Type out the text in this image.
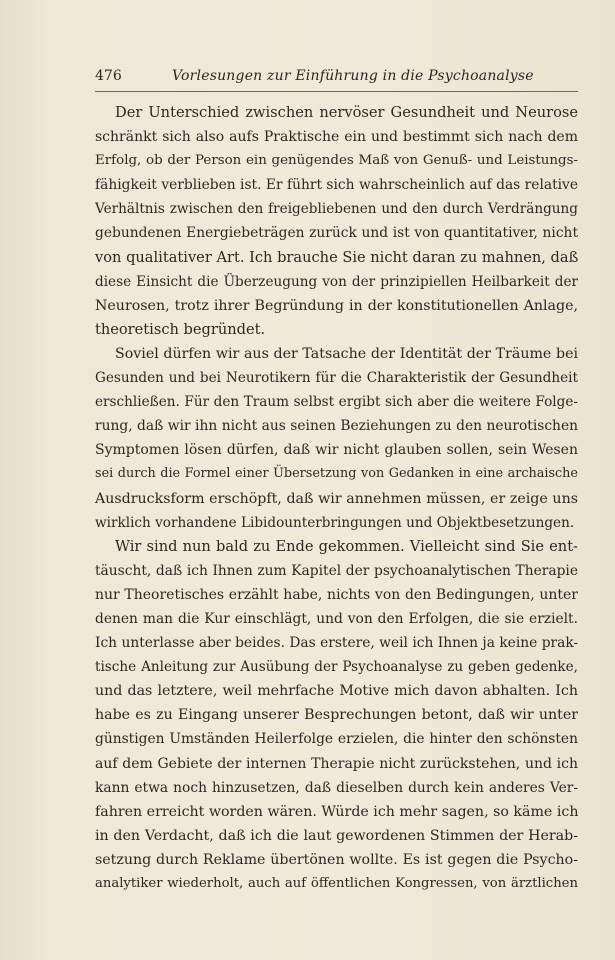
476	Vorlesungen zur Einführung in die Psychoanalyse
Der Unterschied zwischen nervöser Gesundheit und Neurose
schränkt sich also aufs Praktische ein und bestimmt sich nach dem
Erfolg, ob der Person ein genügendes Maß von Genuß- und Leistungs-
fähigkeit verblieben ist. Er führt sich wahrscheinlich auf das relative
Verhältnis zwischen den freigebliebenen und den durch Verdrängung
gebundenen Energiebeträgen zurück und ist von quantitativer, nicht
von qualitativer Art. Ich brauche Sie nicht daran zu mahnen, daß
diese Einsicht die Überzeugung von der prinzipiellen Heilbarkeit der
Neurosen, trotz ihrer Begründung in der konstitutionellen Anlage,
theoretisch begründet.
Soviel dürfen wir aus der Tatsache der Identität der Träume bei
Gesunden und bei Neurotikern für die Charakteristik der Gesundheit
erschließen. Für den Traum selbst ergibt sich aber die weitere Folge-
rung, daß wir ihn nicht aus seinen Beziehungen zu den neurotischen
Symptomen lösen dürfen, daß wir nicht glauben sollen, sein Wesen
sei durch die Formel einer Übersetzung von Gedanken in eine archaische
Ausdrucksform erschöpft, daß wir annehmen müssen, er zeige uns
wirklich vorhandene Libidounterbringungen und Objektbesetzungen.
Wir sind nun bald zu Ende gekommen. Vielleicht sind Sie ent-
täuscht, daß ich Ihnen zum Kapitel der psychoanalytischen Therapie
nur Theoretisches erzählt habe, nichts von den Bedingungen, unter
denen man die Kur einschlägt, und von den Erfolgen, die sie erzielt.
Ich unterlasse aber beides. Das erstere, weil ich Ihnen ja keine prak-
tische Anleitung zur Ausübung der Psychoanalyse zu geben gedenke,
und das letztere, weil mehrfache Motive mich davon abhalten. Ich
habe es zu Eingang unserer Besprechungen betont, daß wir unter
günstigen Umständen Heilerfolge erzielen, die hinter den schönsten
auf dem Gebiete der internen Therapie nicht zurückstehen, und ich
kann etwa noch hinzusetzen, daß dieselben durch kein anderes Ver-
fahren erreicht worden wären. Würde ich mehr sagen, so käme ich
in den Verdacht, daß ich die laut gewordenen Stimmen der Herab-
setzung durch Reklame übertönen wollte. Es ist gegen die Psycho-
analytiker wiederholt, auch auf öffentlichen Kongressen, von ärztlichen
